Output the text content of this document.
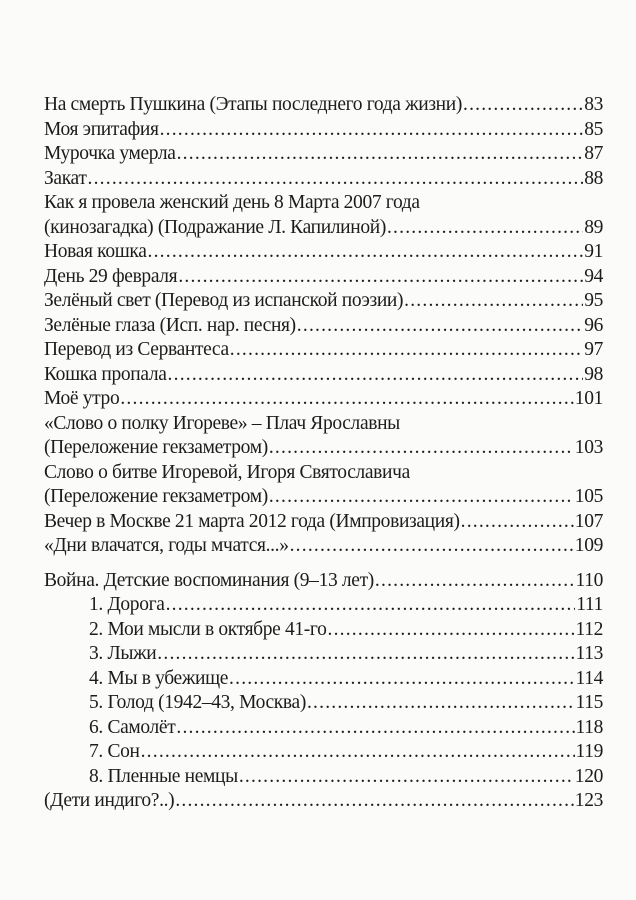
На смерть Пушкина (Этапы последнего года жизни) .....	83
Моя эпитафия .....	85
Мурочка умерла .....	87
Закат .....	88
Как я провела женский день 8 Марта 2007 года
(кинозагадка) (Подражание Л. Капилиной) .....	89
Новая кошка .....	91
День 29 февраля .....	94
Зелёный свет (Перевод из испанской поэзии) .....	95
Зелёные глаза (Исп. нар. песня) .....	96
Перевод из Сервантеса .....	97
Кошка пропала .....	98
Моё утро .....	101
«Слово о полку Игореве» – Плач Ярославны
(Переложение гекзаметром) .....	103
Слово о битве Игоревой, Игоря Святославича
(Переложение гекзаметром) .....	105
Вечер в Москве 21 марта 2012 года (Импровизация) .....	107
«Дни влачатся, годы мчатся...» .....	109
Война. Детские воспоминания (9–13 лет) .....	110
1. Дорога .....	111
2. Мои мысли в октябре 41-го .....	112
3. Лыжи .....	113
4. Мы в убежище .....	114
5. Голод (1942–43, Москва) .....	115
6. Самолёт .....	118
7. Сон .....	119
8. Пленные немцы .....	120
(Дети индиго?..) .....	123
